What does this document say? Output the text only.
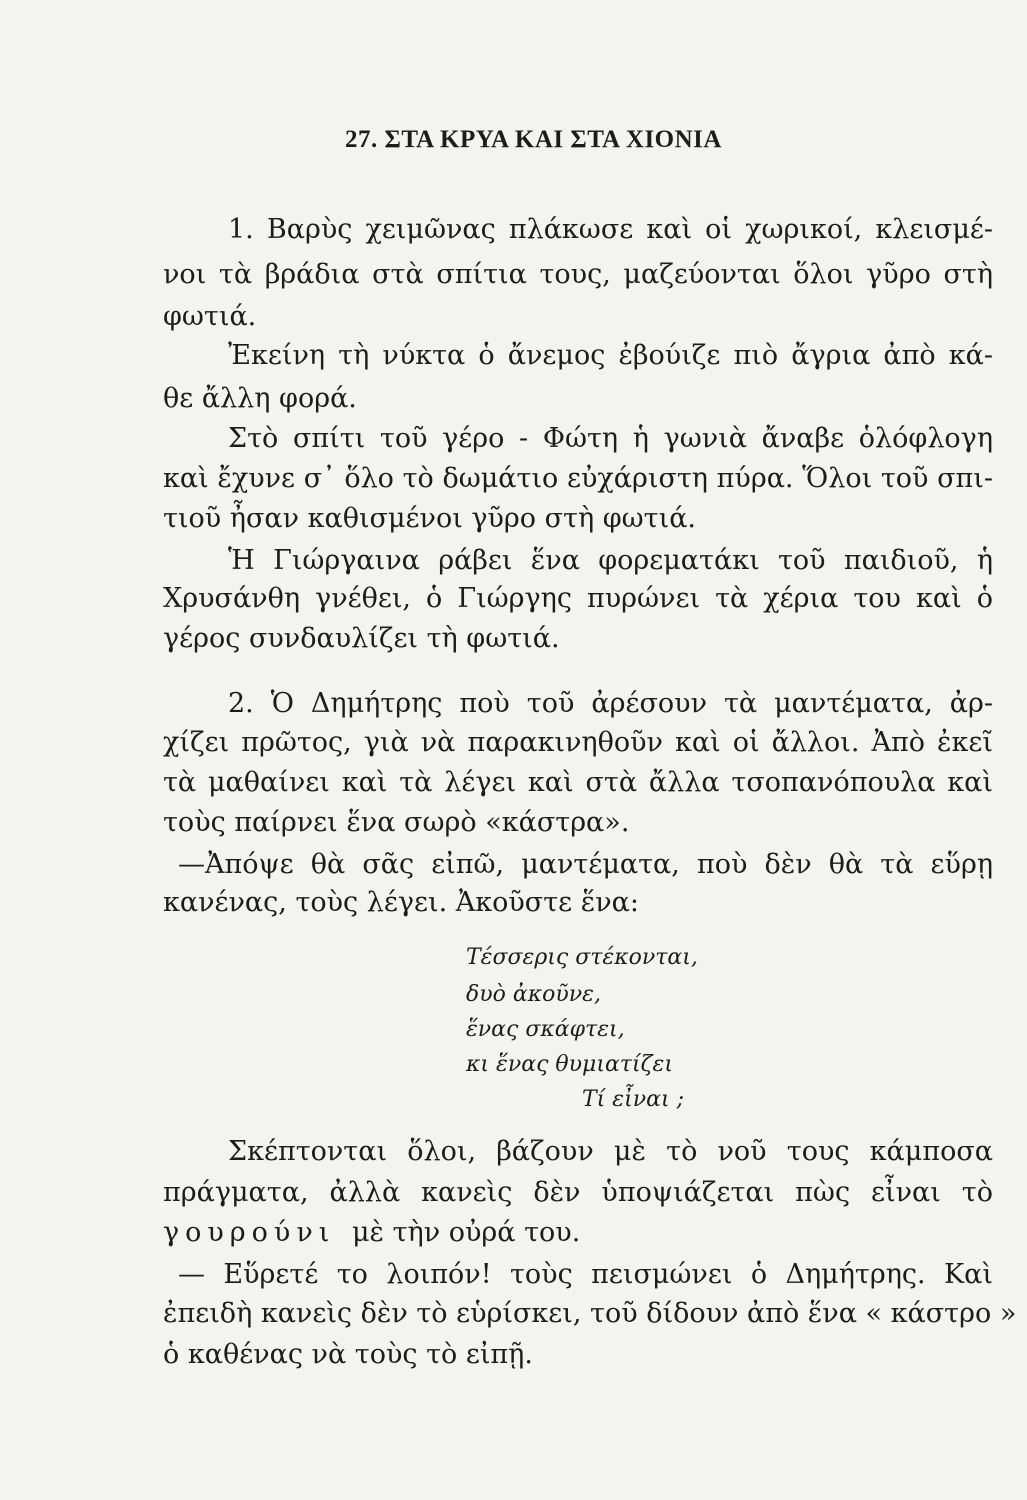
27. ΣΤΑ ΚΡΥΑ ΚΑΙ ΣΤΑ ΧΙΟΝΙΑ
1. Βαρὺς χειμῶνας πλάκωσε καὶ οἱ χωρικοί, κλεισμέ-
νοι τὰ βράδια στὰ σπίτια τους, μαζεύονται ὅλοι γῦρο στὴ
φωτιά.
Ἐκείνη τὴ νύκτα ὁ ἄνεμος ἐβούιζε πιὸ ἄγρια ἀπὸ κά-
θε ἄλλη φορά.
Στὸ σπίτι τοῦ γέρο - Φώτη ἡ γωνιὰ ἄναβε ὁλόφλογη
καὶ ἔχυνε σ᾽ ὅλο τὸ δωμάτιο εὐχάριστη πύρα. Ὅλοι τοῦ σπι-
τιοῦ ἦσαν καθισμένοι γῦρο στὴ φωτιά.
Ἡ Γιώργαινα ράβει ἕνα φορεματάκι τοῦ παιδιοῦ, ἡ
Χρυσάνθη γνέθει, ὁ Γιώργης πυρώνει τὰ χέρια του καὶ ὁ
γέρος συνδαυλίζει τὴ φωτιά.
2. Ὁ Δημήτρης ποὺ τοῦ ἀρέσουν τὰ μαντέματα, ἀρ-
χίζει πρῶτος, γιὰ νὰ παρακινηθοῦν καὶ οἱ ἄλλοι. Ἀπὸ ἐκεῖ
τὰ μαθαίνει καὶ τὰ λέγει καὶ στὰ ἄλλα τσοπανόπουλα καὶ
τοὺς παίρνει ἕνα σωρὸ «κάστρα».
—Ἀπόψε θὰ σᾶς εἰπῶ, μαντέματα, ποὺ δὲν θὰ τὰ εὕρῃ
κανένας, τοὺς λέγει. Ἀκοῦστε ἕνα:
Τέσσερις στέκονται,
δυὸ ἀκοῦνε,
ἕνας σκάφτει,
κι ἕνας θυμιατίζει
Τί εἶναι ;
Σκέπτονται ὅλοι, βάζουν μὲ τὸ νοῦ τους κάμποσα
πράγματα, ἀλλὰ κανεὶς δὲν ὑποψιάζεται πὼς εἶναι τὸ
γουρούνι μὲ τὴν οὐρά του.
— Εὕρετέ το λοιπόν! τοὺς πεισμώνει ὁ Δημήτρης. Καὶ
ἐπειδὴ κανεὶς δὲν τὸ εὑρίσκει, τοῦ δίδουν ἀπὸ ἕνα « κάστρο »
ὁ καθένας νὰ τοὺς τὸ εἰπῇ.
